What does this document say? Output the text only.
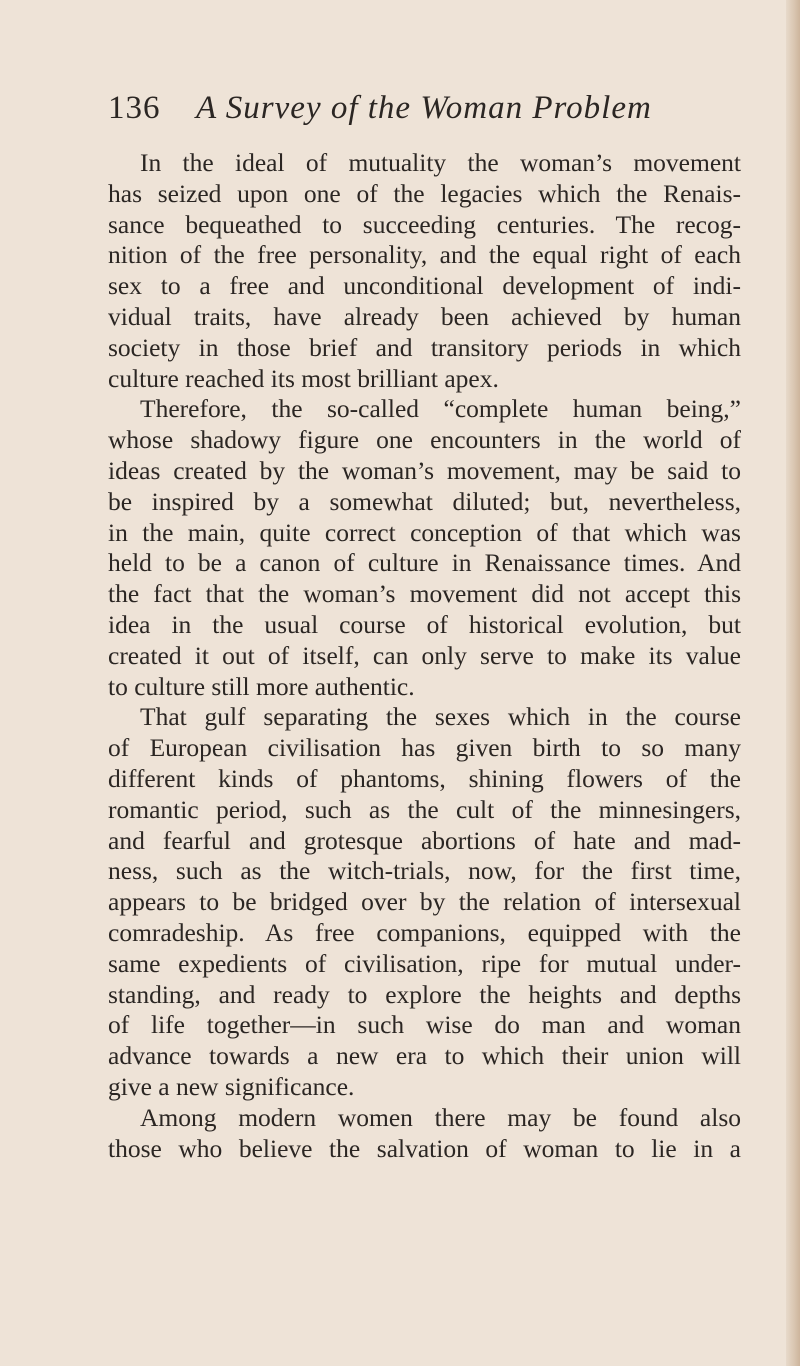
136 A Survey of the Woman Problem
In the ideal of mutuality the woman’s movement
has seized upon one of the legacies which the Renais-
sance bequeathed to succeeding centuries. The recog-
nition of the free personality, and the equal right of each
sex to a free and unconditional development of indi-
vidual traits, have already been achieved by human
society in those brief and transitory periods in which
culture reached its most brilliant apex.
Therefore, the so-called “complete human being,”
whose shadowy figure one encounters in the world of
ideas created by the woman’s movement, may be said to
be inspired by a somewhat diluted; but, nevertheless,
in the main, quite correct conception of that which was
held to be a canon of culture in Renaissance times. And
the fact that the woman’s movement did not accept this
idea in the usual course of historical evolution, but
created it out of itself, can only serve to make its value
to culture still more authentic.
That gulf separating the sexes which in the course
of European civilisation has given birth to so many
different kinds of phantoms, shining flowers of the
romantic period, such as the cult of the minnesingers,
and fearful and grotesque abortions of hate and mad-
ness, such as the witch-trials, now, for the first time,
appears to be bridged over by the relation of intersexual
comradeship. As free companions, equipped with the
same expedients of civilisation, ripe for mutual under-
standing, and ready to explore the heights and depths
of life together—in such wise do man and woman
advance towards a new era to which their union will
give a new significance.
Among modern women there may be found also
those who believe the salvation of woman to lie in a
